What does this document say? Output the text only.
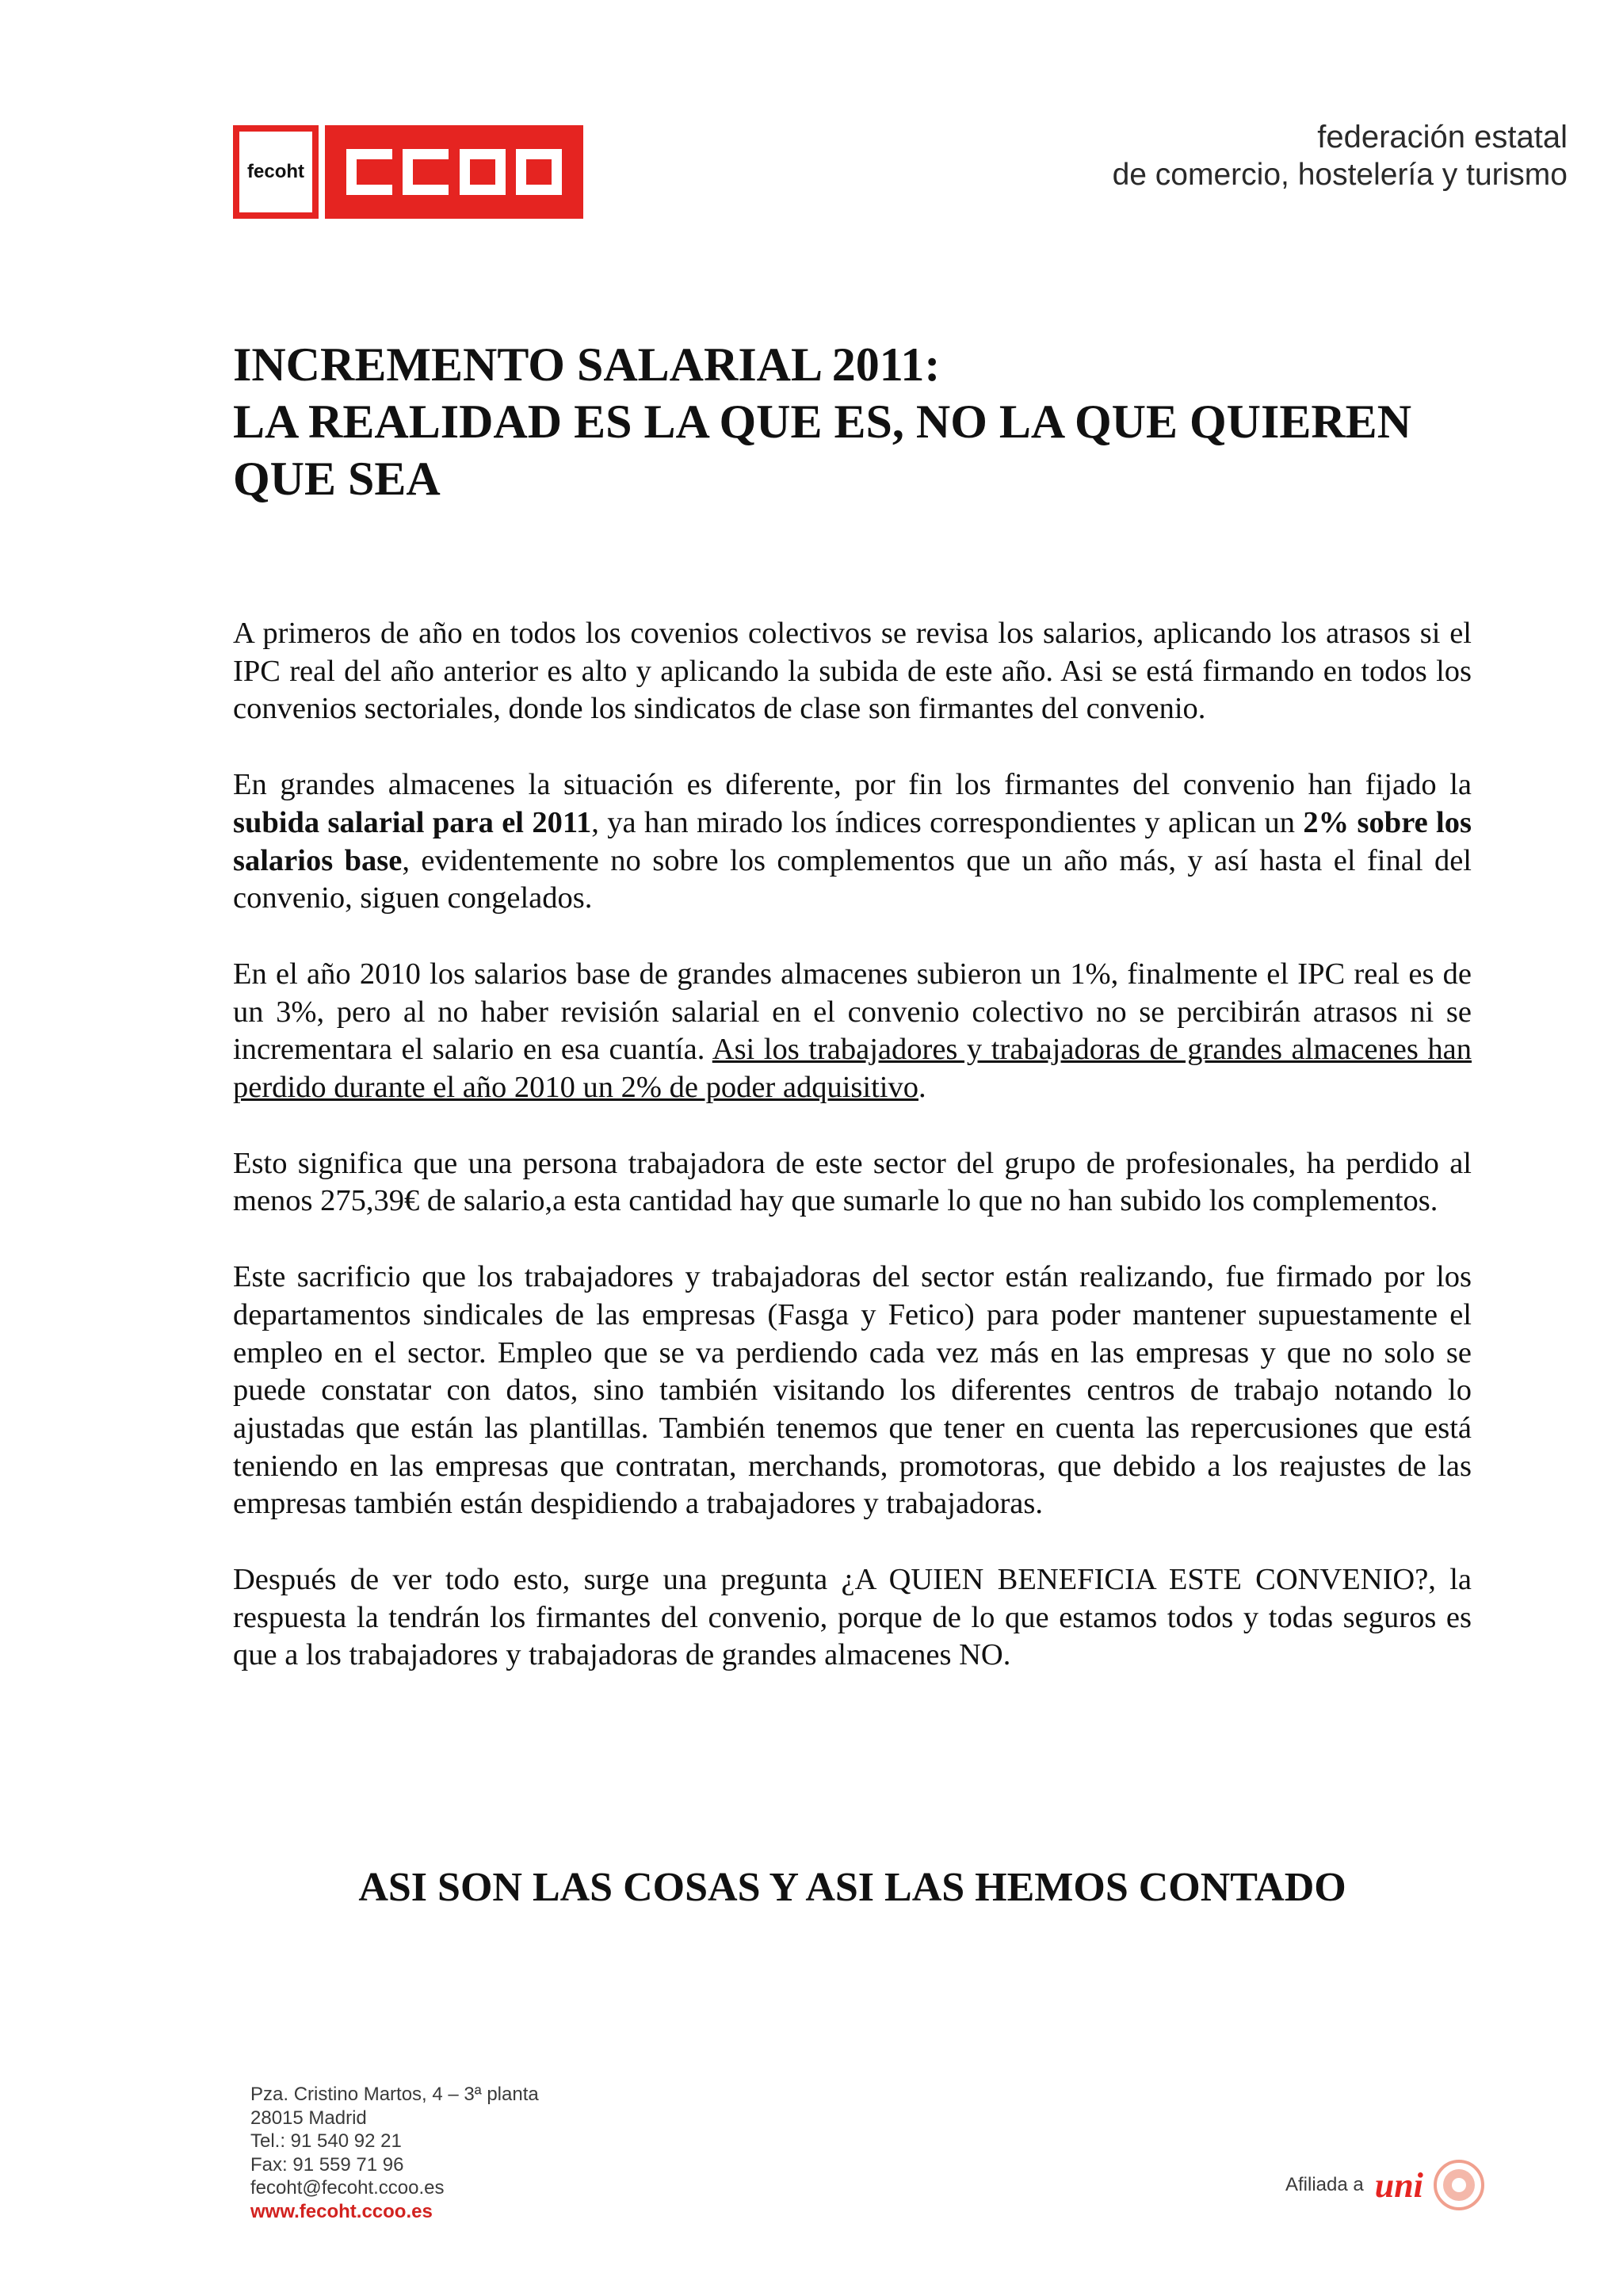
fecoht
federación estatal
de comercio, hostelería y turismo
INCREMENTO SALARIAL 2011:
LA REALIDAD ES LA QUE ES, NO LA QUE QUIEREN
QUE SEA

A primeros de año en todos los covenios colectivos se revisa los salarios, aplicando los atrasos si el IPC real del año anterior es alto y aplicando la subida de este año. Asi se está firmando en todos los convenios sectoriales, donde los sindicatos de clase son firmantes del convenio.

En grandes almacenes la situación es diferente, por fin los firmantes del convenio han fijado la subida salarial para el 2011, ya han mirado los índices correspondientes y aplican un 2% sobre los salarios base, evidentemente no sobre los complementos que un año más, y así hasta el final del convenio, siguen congelados.

En el año 2010 los salarios base de grandes almacenes subieron un 1%, finalmente el IPC real es de un 3%, pero al no haber revisión salarial en el convenio colectivo no se percibirán atrasos ni se incrementara el salario en esa cuantía. Asi los trabajadores y trabajadoras de grandes almacenes han perdido durante el año 2010 un 2% de poder adquisitivo.

Esto significa que una persona trabajadora de este sector del grupo de profesionales, ha perdido al menos 275,39€ de salario,a esta cantidad hay que sumarle lo que no han subido los complementos.

Este sacrificio que los trabajadores y trabajadoras del sector están realizando, fue firmado por los departamentos sindicales de las empresas (Fasga y Fetico) para poder mantener supuestamente el empleo en el sector. Empleo que se va perdiendo cada vez más en las empresas y que no solo se puede constatar con datos, sino también visitando los diferentes centros de trabajo notando lo ajustadas que están las plantillas. También tenemos que tener en cuenta las repercusiones que está teniendo en las empresas que contratan, merchands, promotoras, que debido a los reajustes de las empresas también están despidiendo a trabajadores y trabajadoras.

Después de ver todo esto, surge una pregunta ¿A QUIEN BENEFICIA ESTE CONVENIO?, la respuesta la tendrán los firmantes del convenio, porque de lo que estamos todos y todas seguros es que a los trabajadores y trabajadoras de grandes almacenes NO.

ASI SON LAS COSAS Y ASI LAS HEMOS CONTADO
Pza. Cristino Martos, 4 – 3ª planta
28015 Madrid
Tel.: 91 540 92 21
Fax: 91 559 71 96
fecoht@fecoht.ccoo.es
www.fecoht.ccoo.es
Afiliada a uni
